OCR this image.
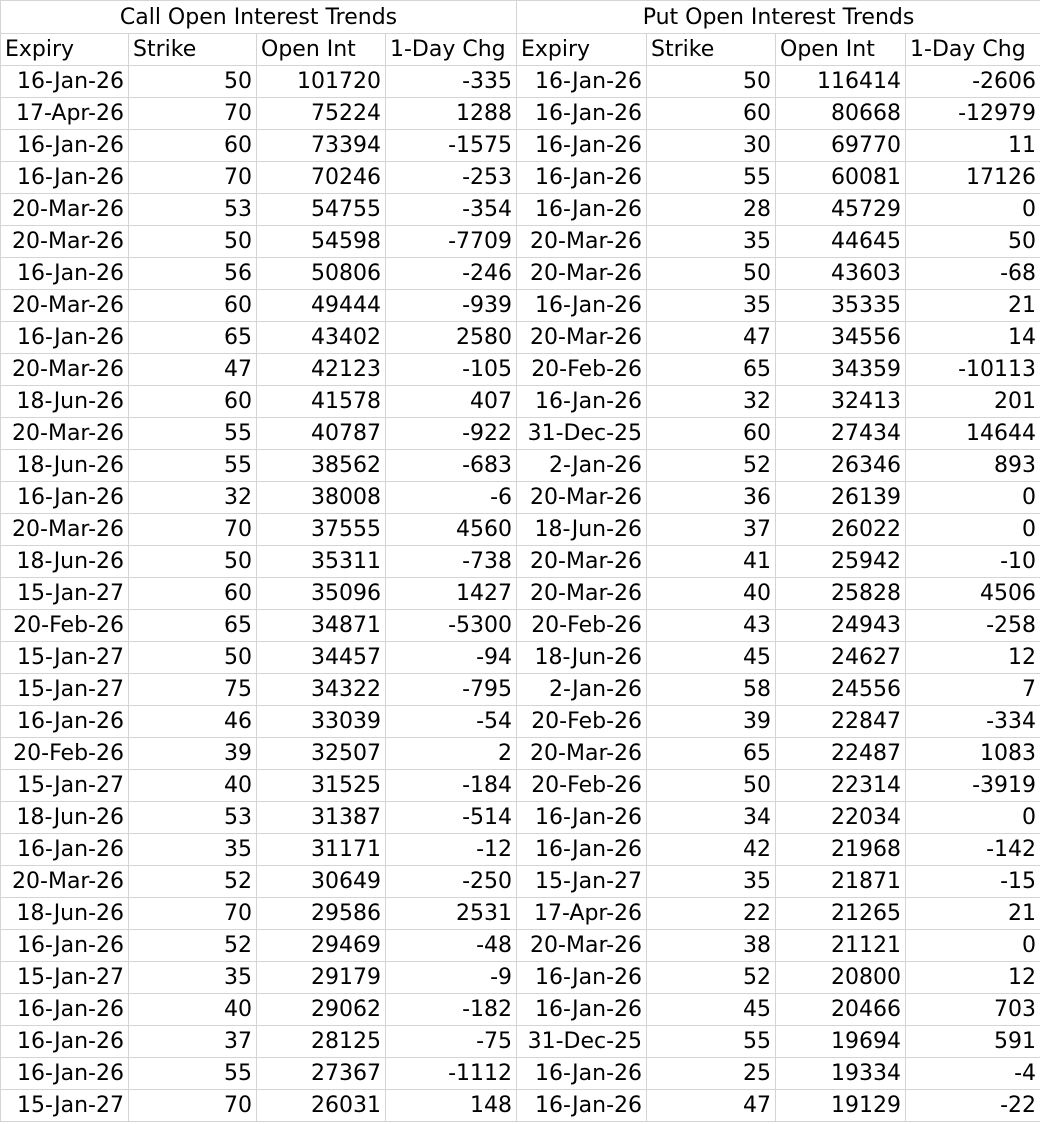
Call Open Interest Trends				Put Open Interest Trends			
Expiry	Strike	Open Int	1-Day Chg	Expiry	Strike	Open Int	1-Day Chg
16-Jan-26	50	101720	-335	16-Jan-26	50	116414	-2606
17-Apr-26	70	75224	1288	16-Jan-26	60	80668	-12979
16-Jan-26	60	73394	-1575	16-Jan-26	30	69770	11
16-Jan-26	70	70246	-253	16-Jan-26	55	60081	17126
20-Mar-26	53	54755	-354	16-Jan-26	28	45729	0
20-Mar-26	50	54598	-7709	20-Mar-26	35	44645	50
16-Jan-26	56	50806	-246	20-Mar-26	50	43603	-68
20-Mar-26	60	49444	-939	16-Jan-26	35	35335	21
16-Jan-26	65	43402	2580	20-Mar-26	47	34556	14
20-Mar-26	47	42123	-105	20-Feb-26	65	34359	-10113
18-Jun-26	60	41578	407	16-Jan-26	32	32413	201
20-Mar-26	55	40787	-922	31-Dec-25	60	27434	14644
18-Jun-26	55	38562	-683	2-Jan-26	52	26346	893
16-Jan-26	32	38008	-6	20-Mar-26	36	26139	0
20-Mar-26	70	37555	4560	18-Jun-26	37	26022	0
18-Jun-26	50	35311	-738	20-Mar-26	41	25942	-10
15-Jan-27	60	35096	1427	20-Mar-26	40	25828	4506
20-Feb-26	65	34871	-5300	20-Feb-26	43	24943	-258
15-Jan-27	50	34457	-94	18-Jun-26	45	24627	12
15-Jan-27	75	34322	-795	2-Jan-26	58	24556	7
16-Jan-26	46	33039	-54	20-Feb-26	39	22847	-334
20-Feb-26	39	32507	2	20-Mar-26	65	22487	1083
15-Jan-27	40	31525	-184	20-Feb-26	50	22314	-3919
18-Jun-26	53	31387	-514	16-Jan-26	34	22034	0
16-Jan-26	35	31171	-12	16-Jan-26	42	21968	-142
20-Mar-26	52	30649	-250	15-Jan-27	35	21871	-15
18-Jun-26	70	29586	2531	17-Apr-26	22	21265	21
16-Jan-26	52	29469	-48	20-Mar-26	38	21121	0
15-Jan-27	35	29179	-9	16-Jan-26	52	20800	12
16-Jan-26	40	29062	-182	16-Jan-26	45	20466	703
16-Jan-26	37	28125	-75	31-Dec-25	55	19694	591
16-Jan-26	55	27367	-1112	16-Jan-26	25	19334	-4
15-Jan-27	70	26031	148	16-Jan-26	47	19129	-22
